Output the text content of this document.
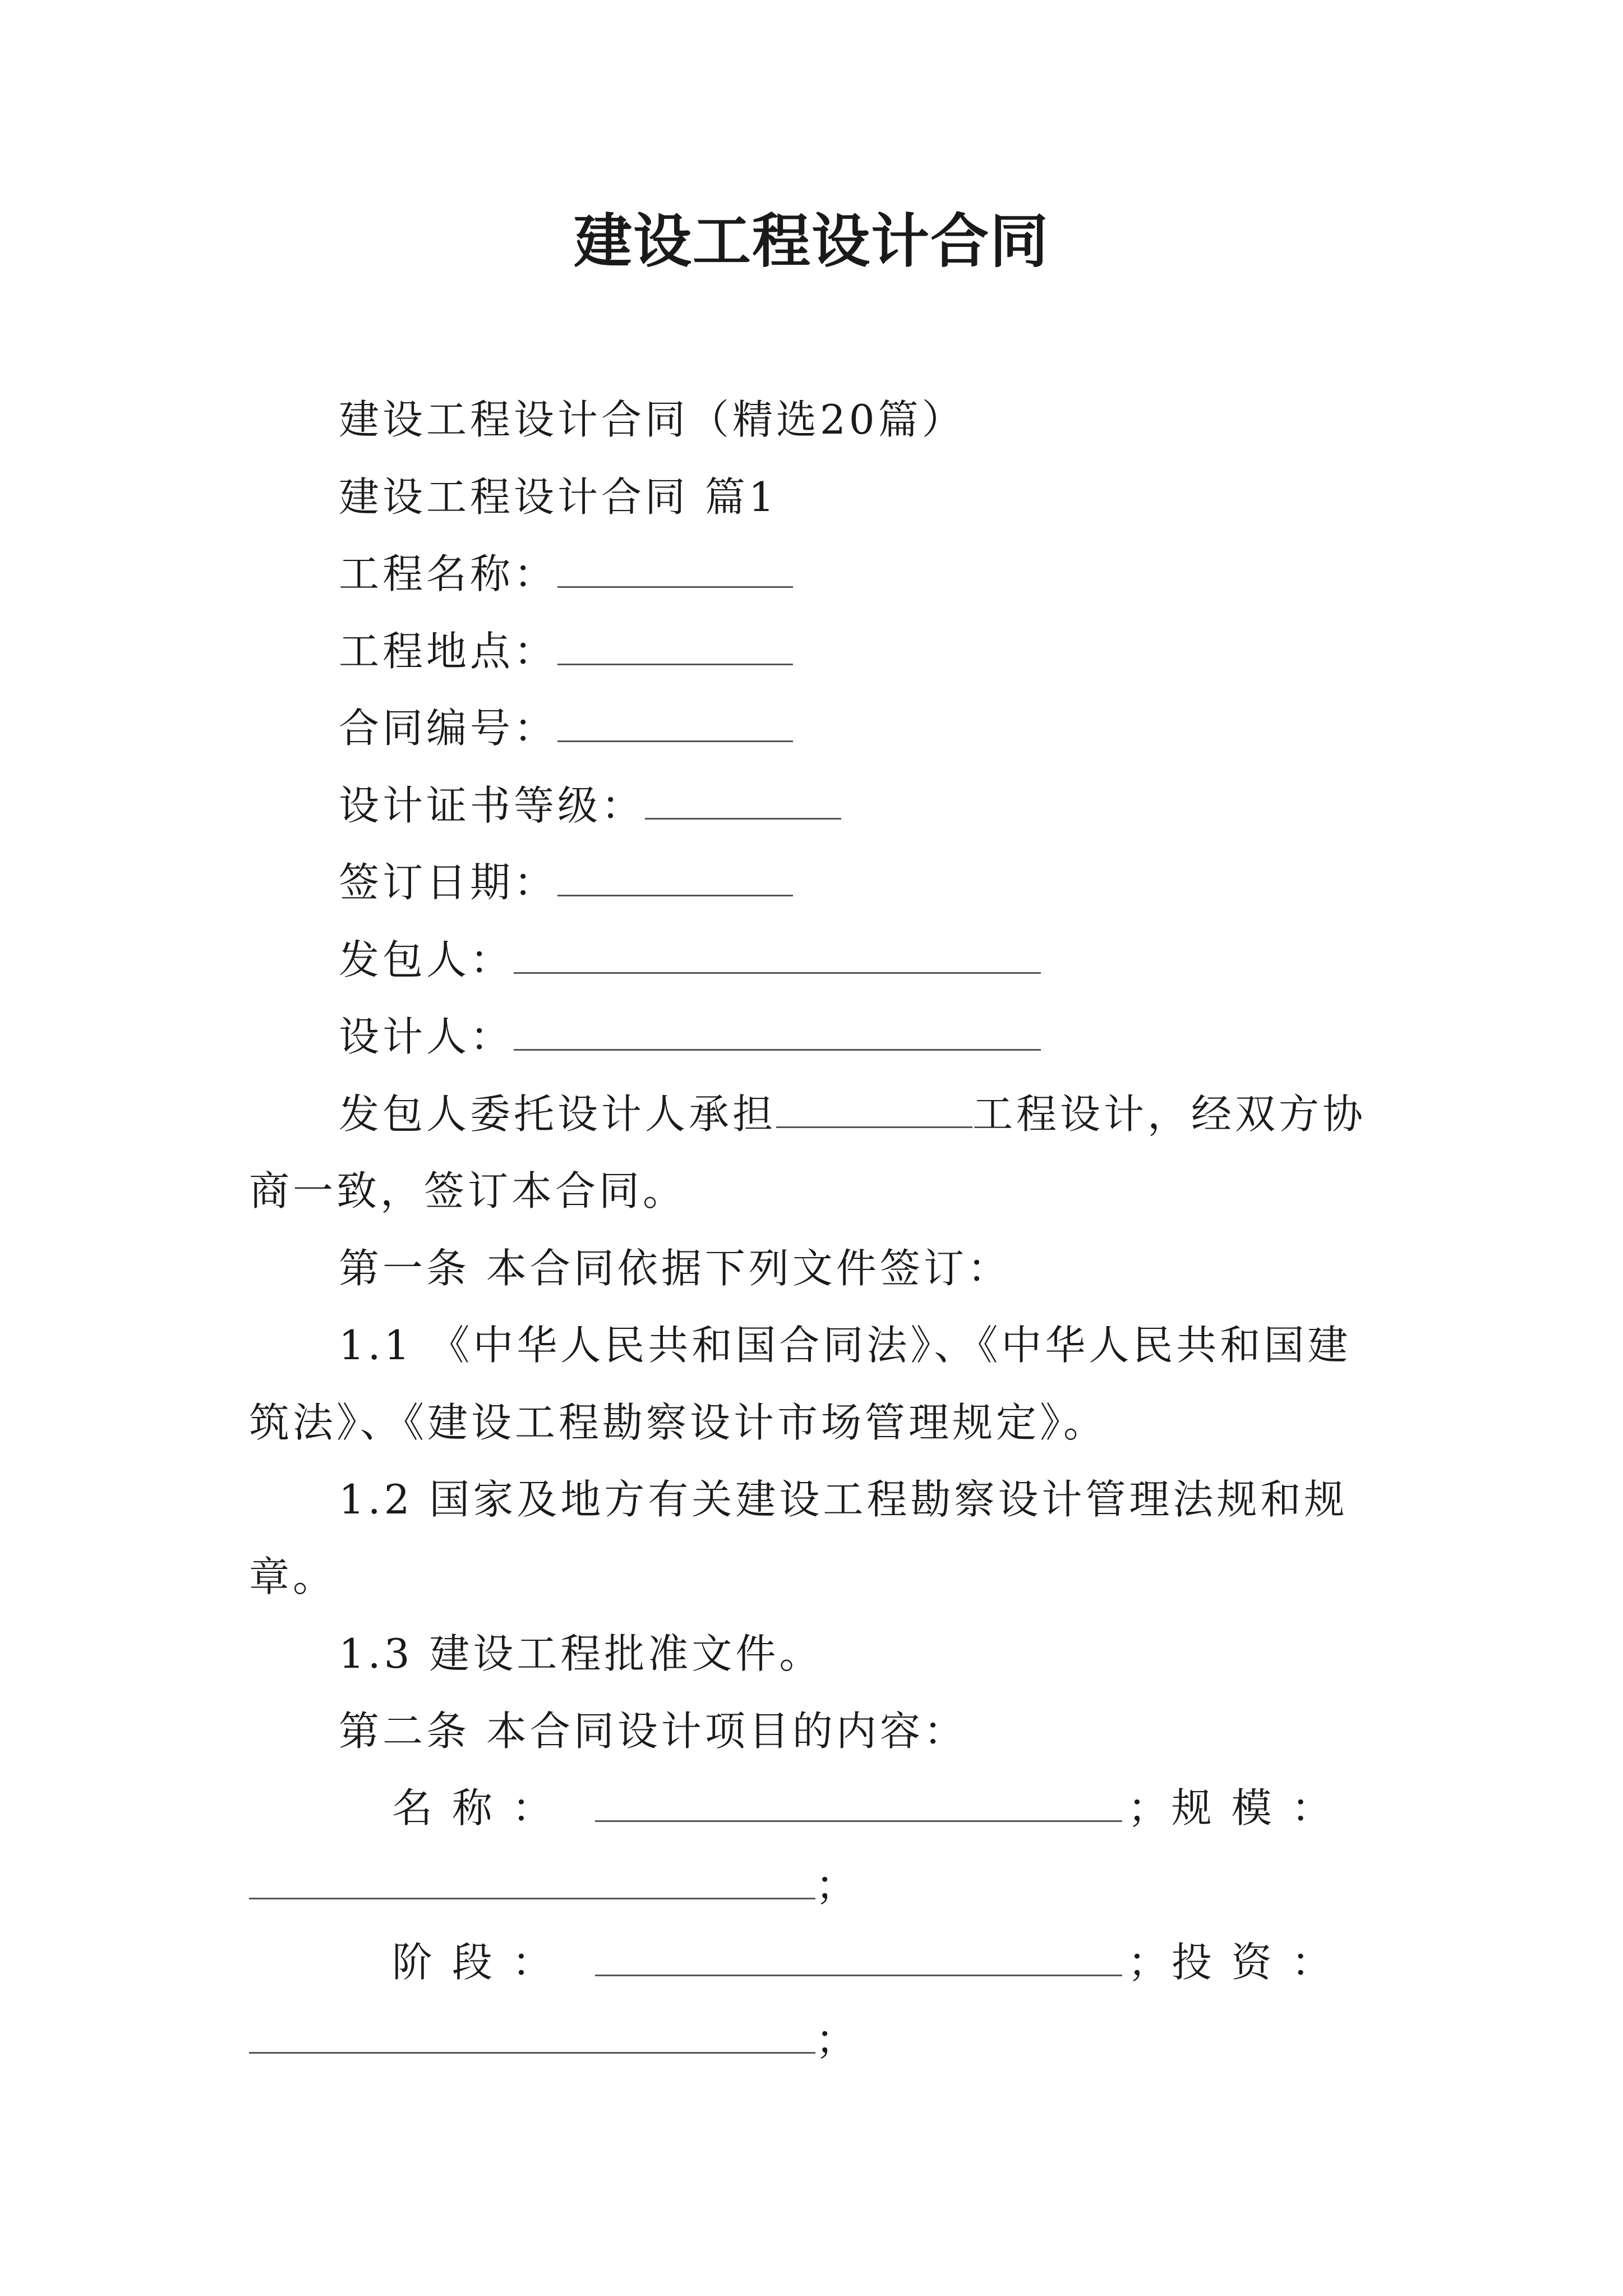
建设工程设计合同
建设工程设计合同（精选20篇）
建设工程设计合同 篇1
工程名称：
工程地点：
合同编号：
设计证书等级：
签订日期：
发包人：
设计人：
发包人委托设计人承担	工程设计，经双方协
商一致，签订本合同。
第一条 本合同依据下列文件签订：
1.1 《中华人民共和国合同法》、《中华人民共和国建
筑法》、《建设工程勘察设计市场管理规定》。
1.2 国家及地方有关建设工程勘察设计管理法规和规
章。
1.3 建设工程批准文件。
第二条 本合同设计项目的内容：
名 称 ：	；规 模 ：
；
阶 段 ：	；投 资 ：
；
